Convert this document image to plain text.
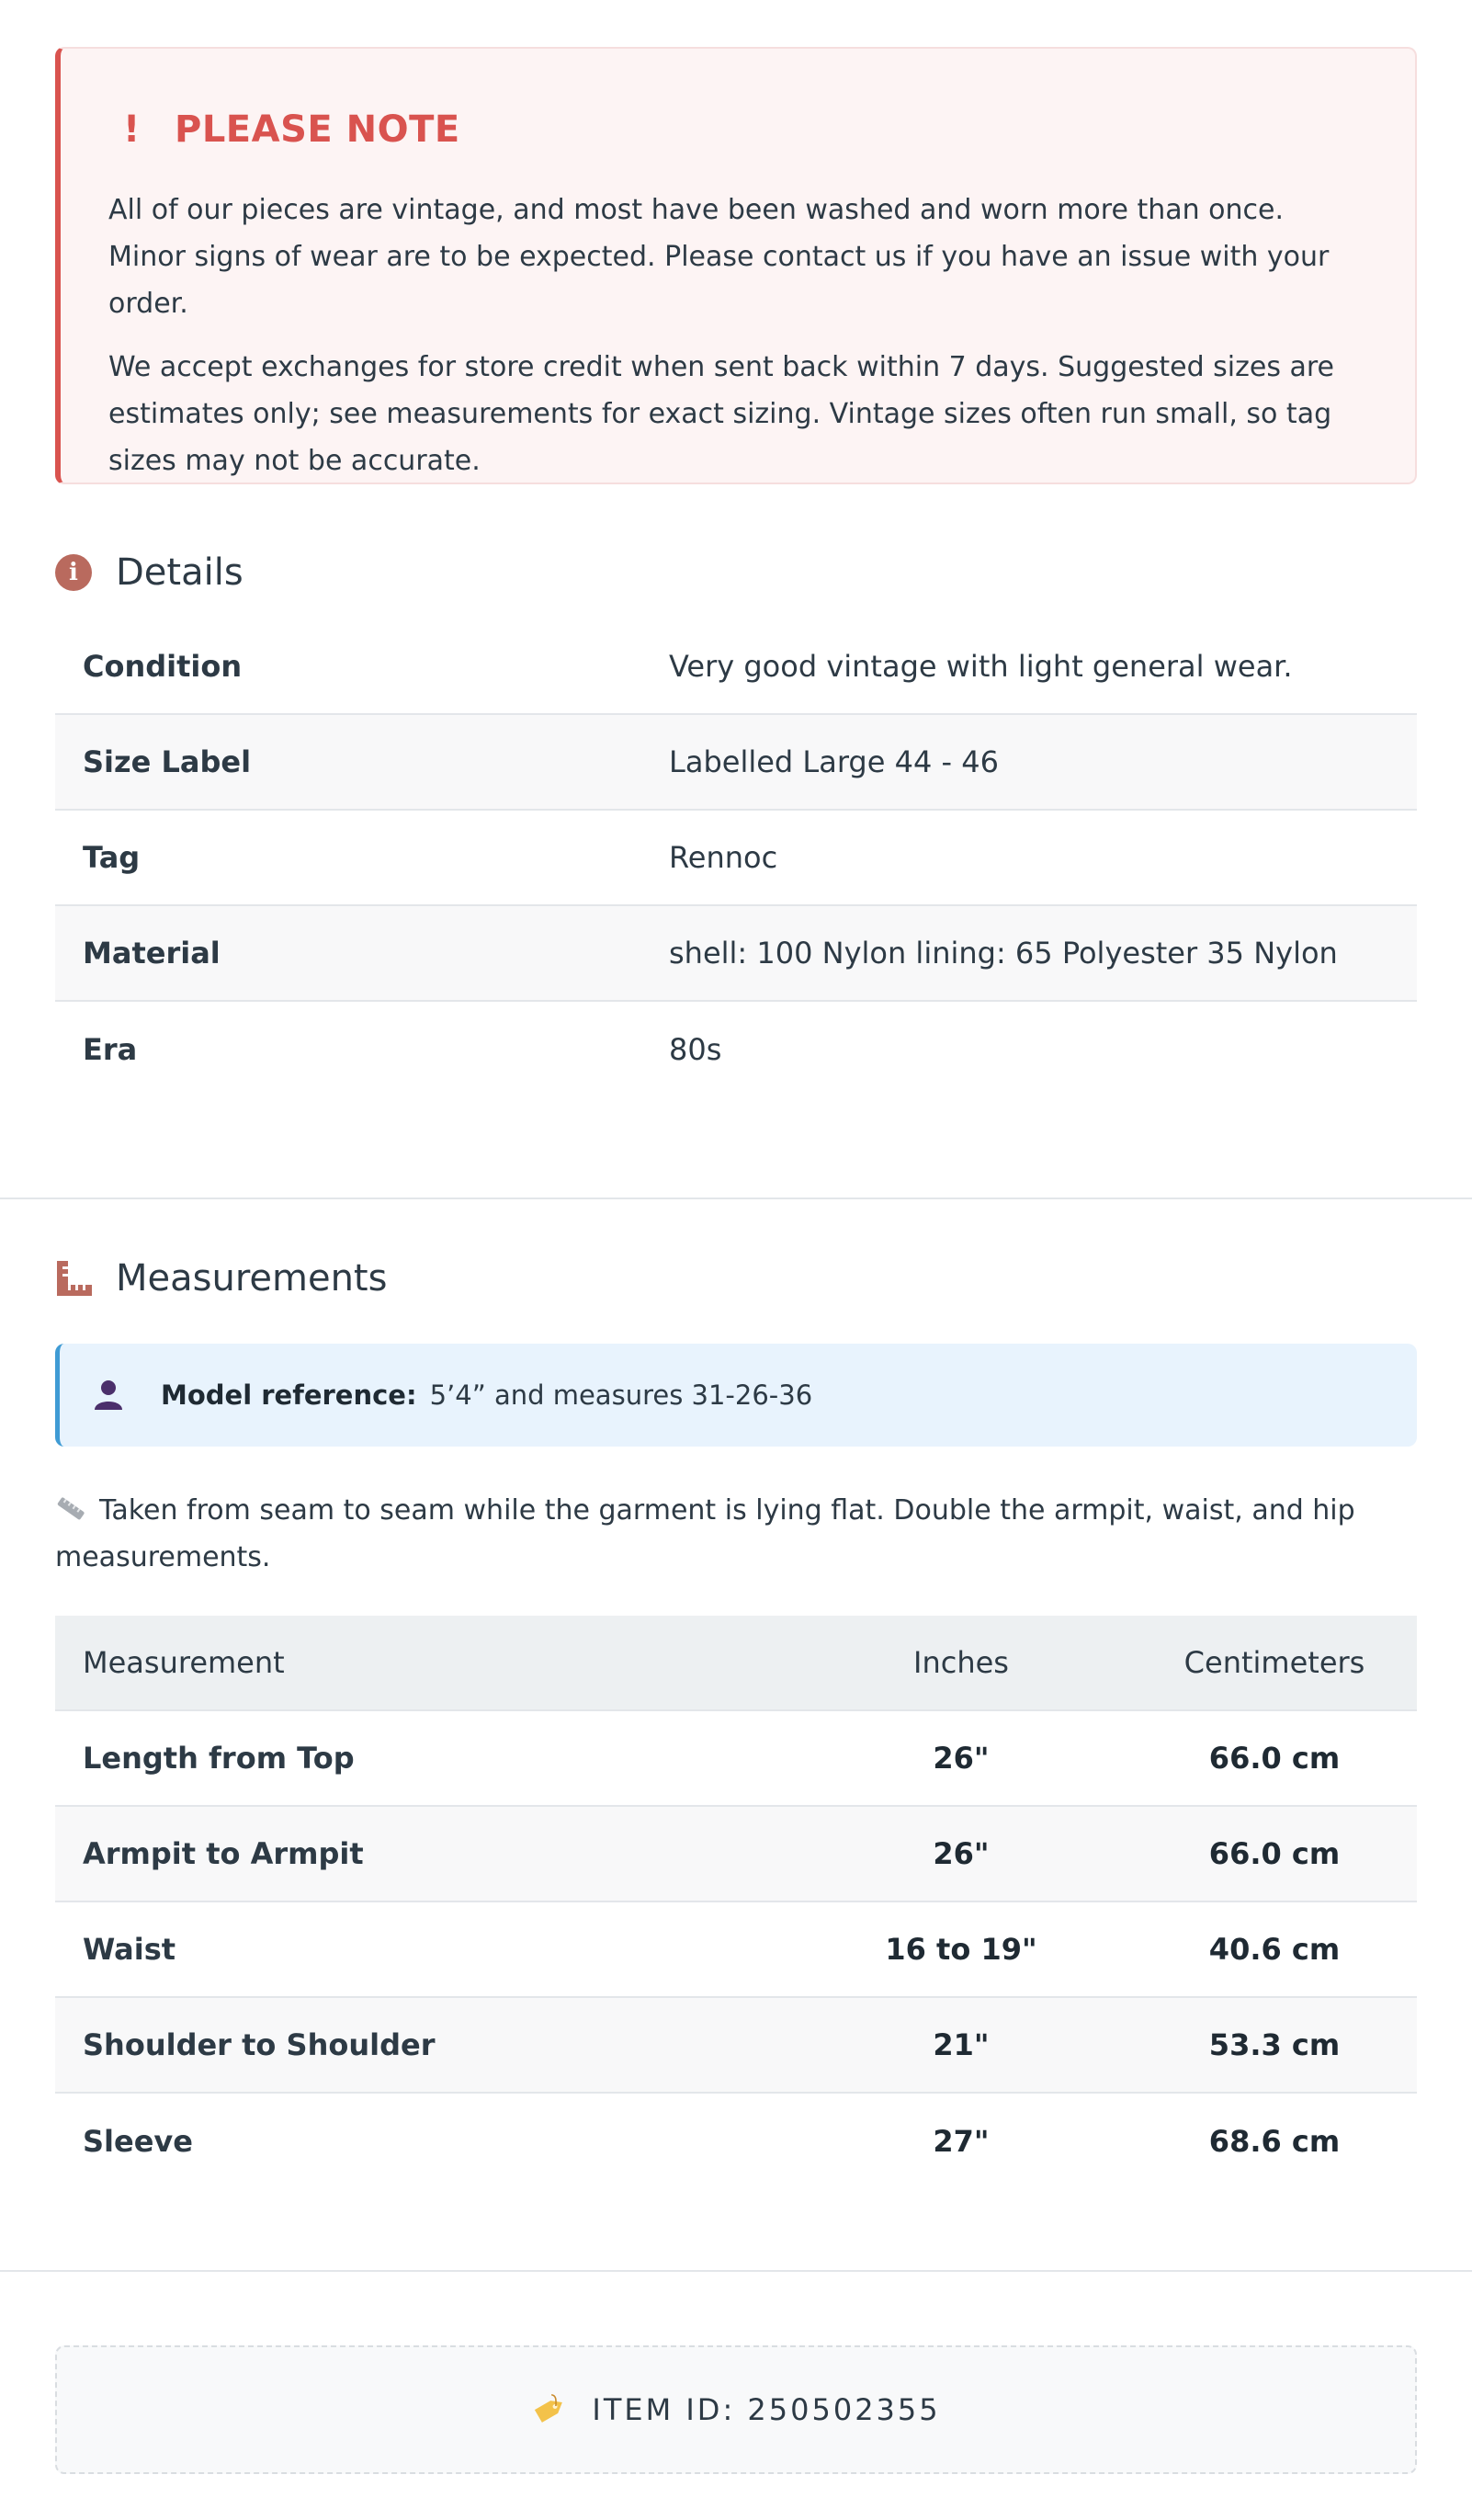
! PLEASE NOTE

All of our pieces are vintage, and most have been washed and worn more than once. Minor signs of wear are to be expected. Please contact us if you have an issue with your order.

We accept exchanges for store credit when sent back within 7 days. Suggested sizes are estimates only; see measurements for exact sizing. Vintage sizes often run small, so tag sizes may not be accurate.

i	Details
Condition	Very good vintage with light general wear.
Size Label	Labelled Large 44 - 46
Tag	Rennoc
Material	shell: 100 Nylon lining: 65 Polyester 35 Nylon
Era	80s
Measurements
Model reference: 5’4” and measures 31-26-36
Taken from seam to seam while the garment is lying flat. Double the armpit, waist, and hip measurements.
Measurement	Inches	Centimeters
Length from Top	26"	66.0 cm
Armpit to Armpit	26"	66.0 cm
Waist	16 to 19"	40.6 cm
Shoulder to Shoulder	21"	53.3 cm
Sleeve	27"	68.6 cm
ITEM ID: 250502355
